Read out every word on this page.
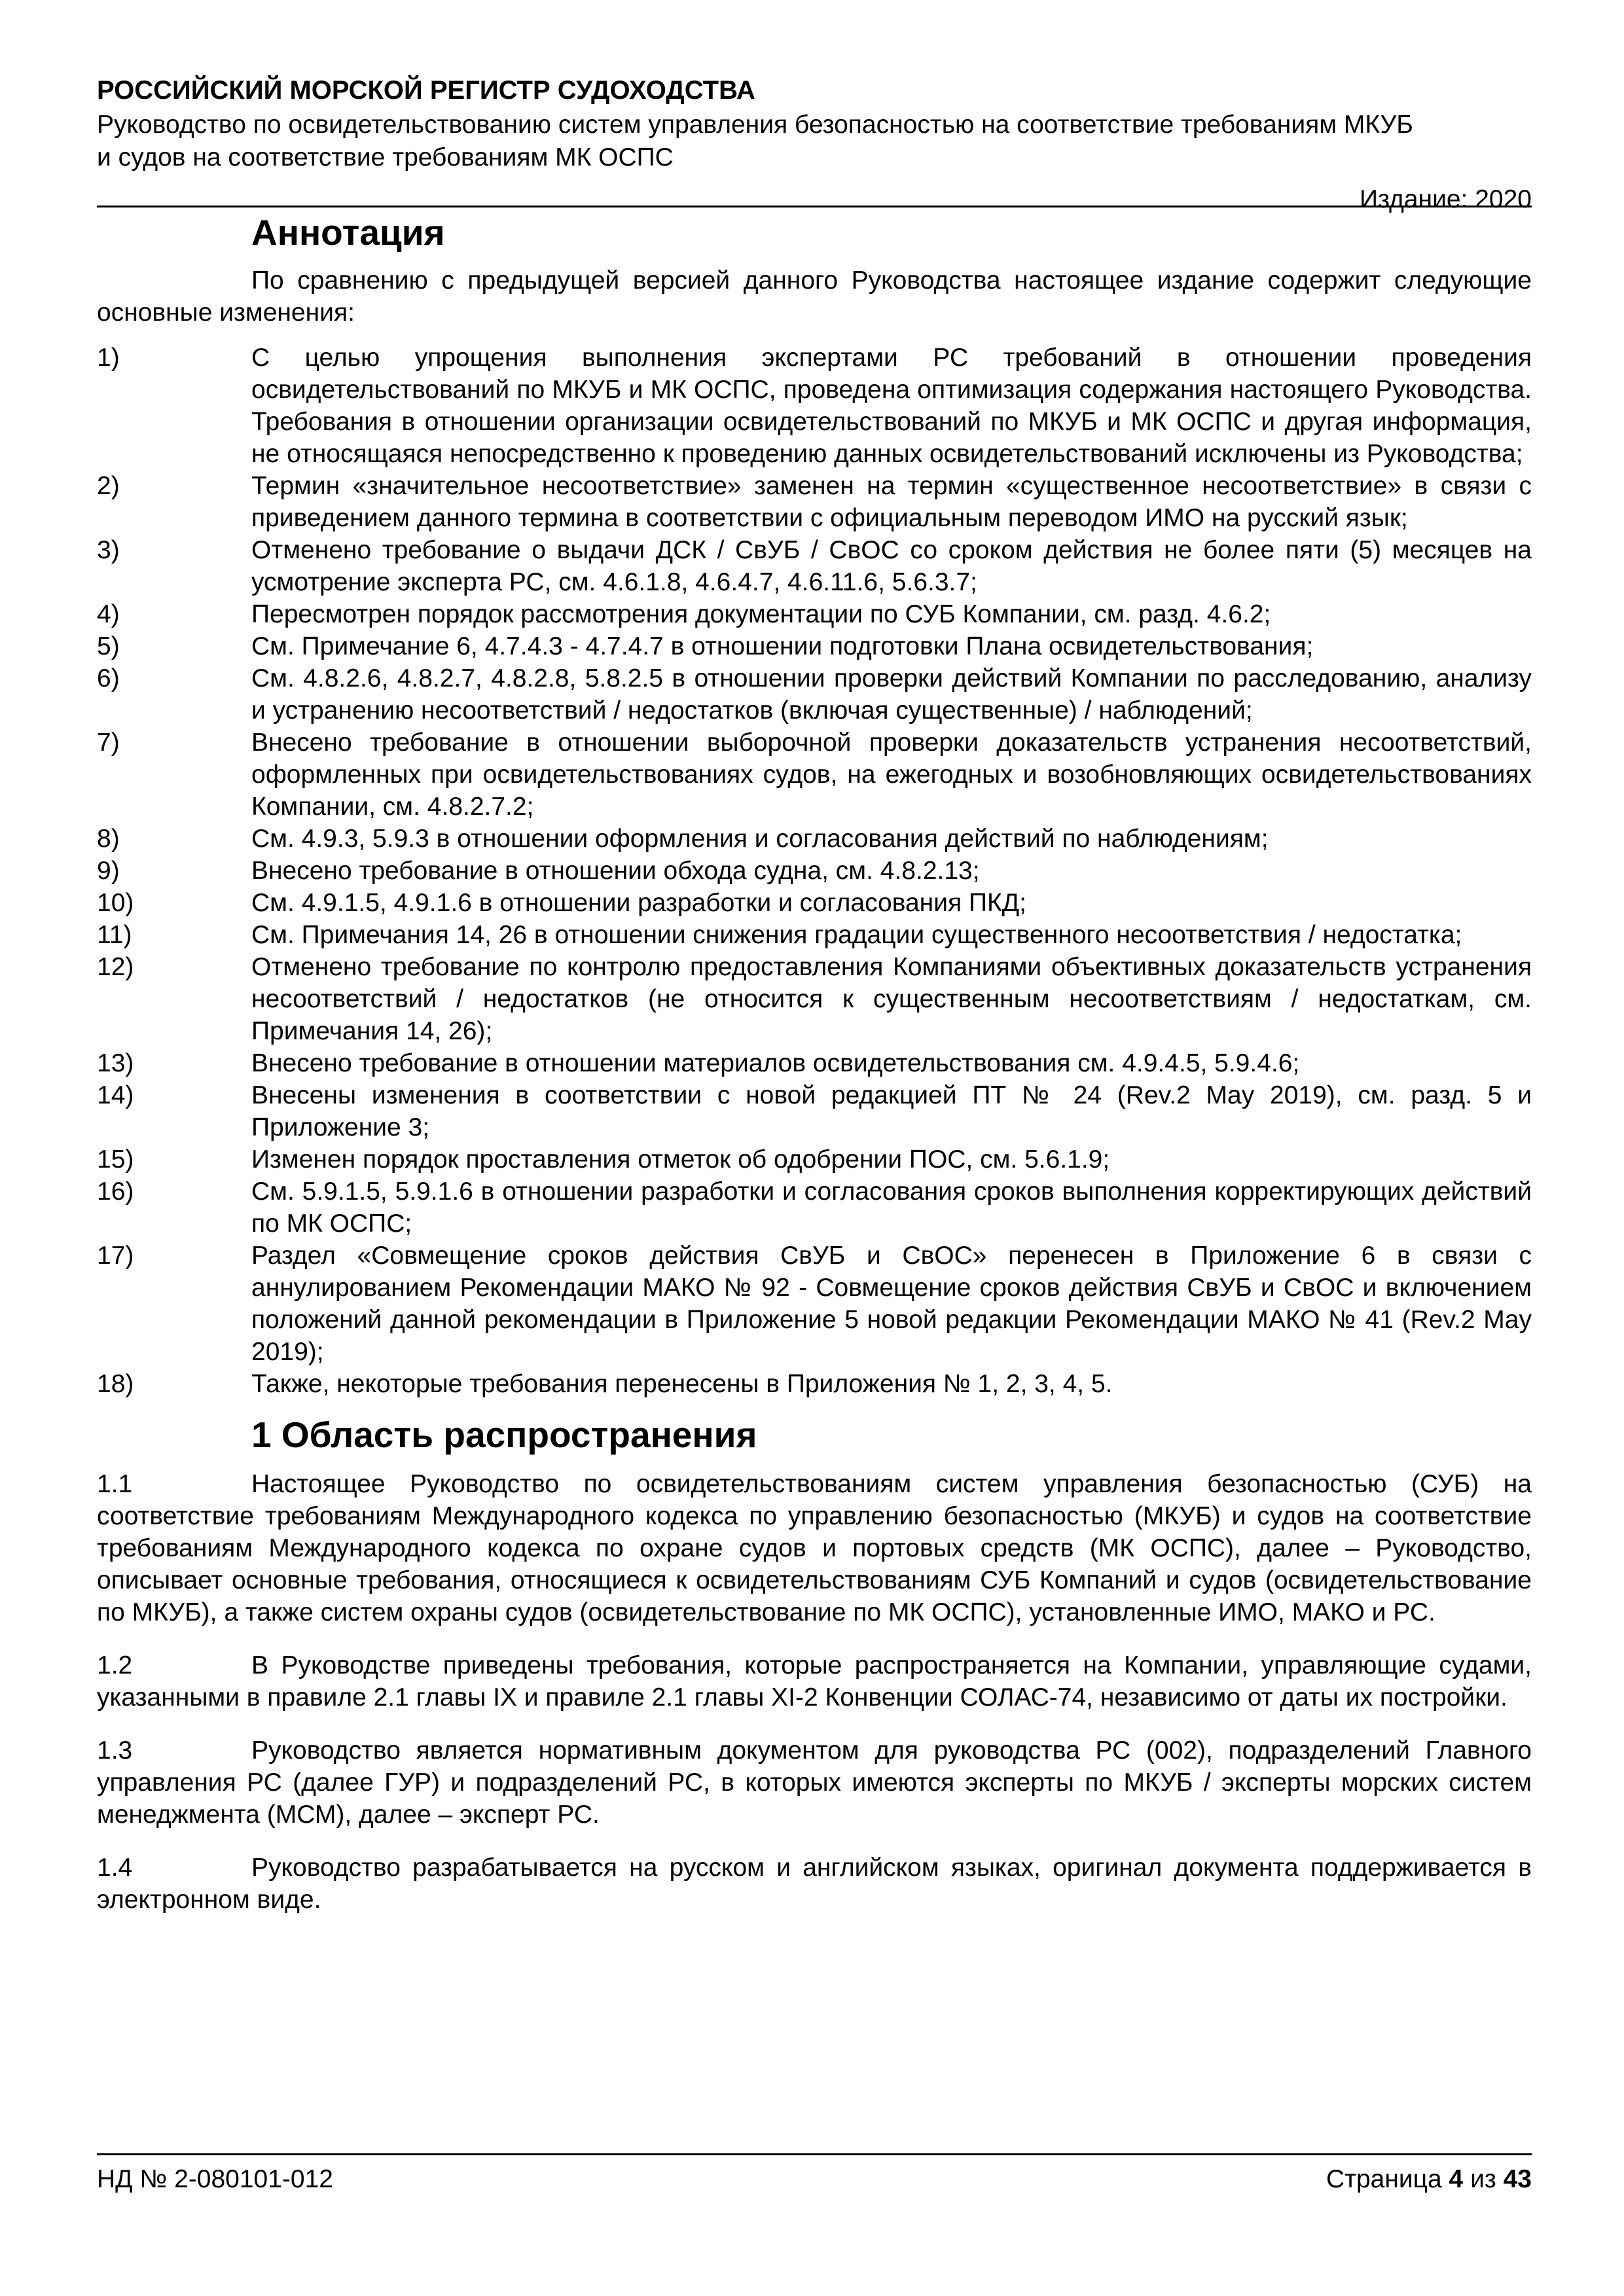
РОССИЙСКИЙ МОРСКОЙ РЕГИСТР СУДОХОДСТВА
Руководство по освидетельствованию систем управления безопасностью на соответствие требованиям МКУБ
и судов на соответствие требованиям МК ОСПС
Издание: 2020
Аннотация

По сравнению с предыдущей версией данного Руководства настоящее издание содержит следующие основные изменения:

1)	С целью упрощения выполнения экспертами РС требований в отношении проведения освидетельствований по МКУБ и МК ОСПС, проведена оптимизация содержания настоящего Руководства. Требования в отношении организации освидетельствований по МКУБ и МК ОСПС и другая информация, не относящаяся непосредственно к проведению данных освидетельствований исключены из Руководства;
2)	Термин «значительное несоответствие» заменен на термин «существенное несоответствие» в связи с приведением данного термина в соответствии с официальным переводом ИМО на русский язык;
3)	Отменено требование о выдачи ДСК / СвУБ / СвОС со сроком действия не более пяти (5) месяцев на усмотрение эксперта РС, см. 4.6.1.8, 4.6.4.7, 4.6.11.6, 5.6.3.7;
4)	Пересмотрен порядок рассмотрения документации по СУБ Компании, см. разд. 4.6.2;
5)	См. Примечание 6, 4.7.4.3 - 4.7.4.7 в отношении подготовки Плана освидетельствования;
6)	См. 4.8.2.6, 4.8.2.7, 4.8.2.8, 5.8.2.5 в отношении проверки действий Компании по расследованию, анализу и устранению несоответствий / недостатков (включая существенные) / наблюдений;
7)	Внесено требование в отношении выборочной проверки доказательств устранения несоответствий, оформленных при освидетельствованиях судов, на ежегодных и возобновляющих освидетельствованиях Компании, см. 4.8.2.7.2;
8)	См. 4.9.3, 5.9.3 в отношении оформления и согласования действий по наблюдениям;
9)	Внесено требование в отношении обхода судна, см. 4.8.2.13;
10)	См. 4.9.1.5, 4.9.1.6 в отношении разработки и согласования ПКД;
11)	См. Примечания 14, 26 в отношении снижения градации существенного несоответствия / недостатка;
12)	Отменено требование по контролю предоставления Компаниями объективных доказательств устранения несоответствий / недостатков (не относится к существенным несоответствиям / недостаткам, см. Примечания 14, 26);
13)	Внесено требование в отношении материалов освидетельствования см. 4.9.4.5, 5.9.4.6;
14)	Внесены изменения в соответствии с новой редакцией ПТ № 24 (Rev.2 May 2019), см. разд. 5 и Приложение 3;
15)	Изменен порядок проставления отметок об одобрении ПОС, см. 5.6.1.9;
16)	См. 5.9.1.5, 5.9.1.6 в отношении разработки и согласования сроков выполнения корректирующих действий по МК ОСПС;
17)	Раздел «Совмещение сроков действия СвУБ и СвОС» перенесен в Приложение 6 в связи с аннулированием Рекомендации МАКО № 92 - Совмещение сроков действия СвУБ и СвОС и включением положений данной рекомендации в Приложение 5 новой редакции Рекомендации МАКО № 41 (Rev.2 May 2019);
18)	Также, некоторые требования перенесены в Приложения № 1, 2, 3, 4, 5.
1 Область распространения

1.1	Настоящее Руководство по освидетельствованиям систем управления безопасностью (СУБ) на соответствие требованиям Международного кодекса по управлению безопасностью (МКУБ) и судов на соответствие требованиям Международного кодекса по охране судов и портовых средств (МК ОСПС), далее – Руководство, описывает основные требования, относящиеся к освидетельствованиям СУБ Компаний и судов (освидетельствование по МКУБ), а также систем охраны судов (освидетельствование по МК ОСПС), установленные ИМО, МАКО и РС.

1.2	В Руководстве приведены требования, которые распространяется на Компании, управляющие судами, указанными в правиле 2.1 главы IX и правиле 2.1 главы XI-2 Конвенции СОЛАС-74, независимо от даты их постройки.

1.3	Руководство является нормативным документом для руководства РС (002), подразделений Главного управления РС (далее ГУР) и подразделений РС, в которых имеются эксперты по МКУБ / эксперты морских систем менеджмента (МСМ), далее – эксперт РС.

1.4	Руководство разрабатывается на русском и английском языках, оригинал документа поддерживается в электронном виде.

НД № 2-080101-012	Страница 4 из 43
